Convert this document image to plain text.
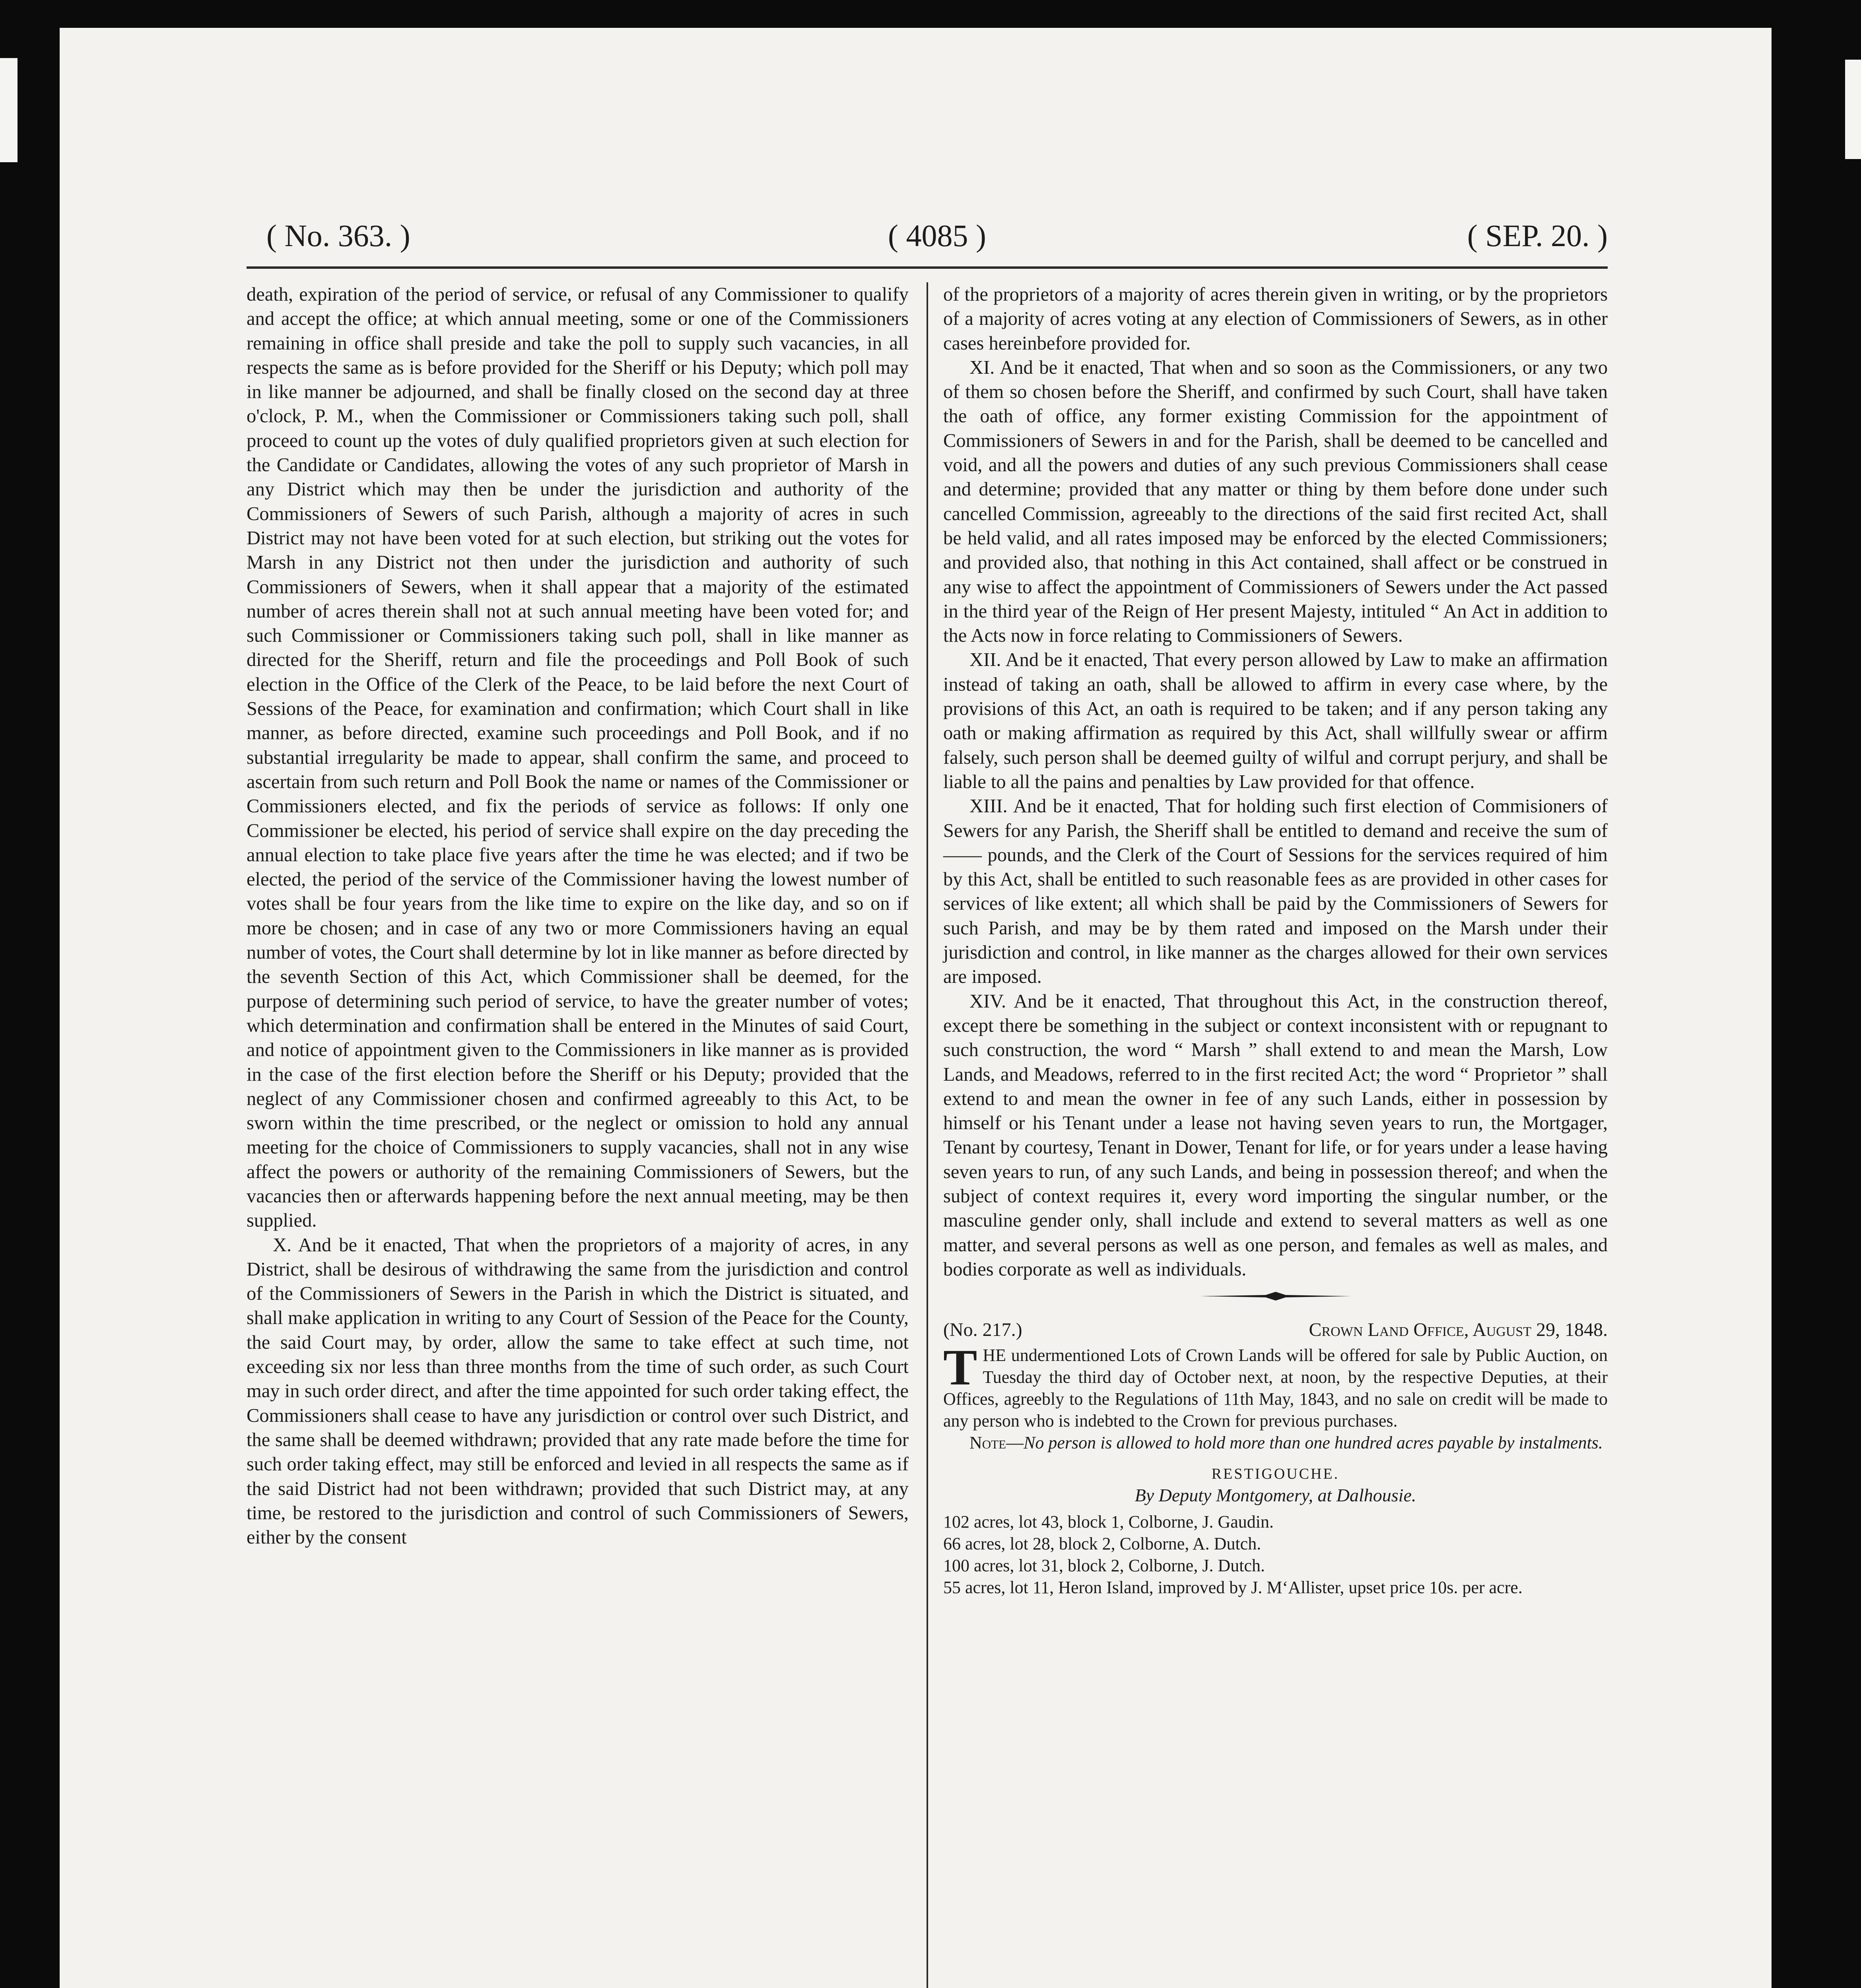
( No. 363. )	( 4085 )	( SEP. 20. )

death, expiration of the period of service, or refusal of any Commissioner to qualify and accept the office; at which annual meeting, some or one of the Commissioners remaining in office shall preside and take the poll to supply such vacancies, in all respects the same as is before provided for the Sheriff or his Deputy; which poll may in like manner be adjourned, and shall be finally closed on the second day at three o'clock, P. M., when the Commissioner or Commissioners taking such poll, shall proceed to count up the votes of duly qualified proprietors given at such election for the Candidate or Candidates, allowing the votes of any such proprietor of Marsh in any District which may then be under the jurisdiction and authority of the Commissioners of Sewers of such Parish, although a majority of acres in such District may not have been voted for at such election, but striking out the votes for Marsh in any District not then under the jurisdiction and authority of such Commissioners of Sewers, when it shall appear that a majority of the estimated number of acres therein shall not at such annual meeting have been voted for; and such Commissioner or Commissioners taking such poll, shall in like manner as directed for the Sheriff, return and file the proceedings and Poll Book of such election in the Office of the Clerk of the Peace, to be laid before the next Court of Sessions of the Peace, for examination and confirmation; which Court shall in like manner, as before directed, examine such proceedings and Poll Book, and if no substantial irregularity be made to appear, shall confirm the same, and proceed to ascertain from such return and Poll Book the name or names of the Commissioner or Commissioners elected, and fix the periods of service as follows: If only one Commissioner be elected, his period of service shall expire on the day preceding the annual election to take place five years after the time he was elected; and if two be elected, the period of the service of the Commissioner having the lowest number of votes shall be four years from the like time to expire on the like day, and so on if more be chosen; and in case of any two or more Commissioners having an equal number of votes, the Court shall determine by lot in like manner as before directed by the seventh Section of this Act, which Commissioner shall be deemed, for the purpose of determining such period of service, to have the greater number of votes; which determination and confirmation shall be entered in the Minutes of said Court, and notice of appointment given to the Commissioners in like manner as is provided in the case of the first election before the Sheriff or his Deputy; provided that the neglect of any Commissioner chosen and confirmed agreeably to this Act, to be sworn within the time prescribed, or the neglect or omission to hold any annual meeting for the choice of Commissioners to supply vacancies, shall not in any wise affect the powers or authority of the remaining Commissioners of Sewers, but the vacancies then or afterwards happening before the next annual meeting, may be then supplied.

X. And be it enacted, That when the proprietors of a majority of acres, in any District, shall be desirous of withdrawing the same from the jurisdiction and control of the Commissioners of Sewers in the Parish in which the District is situated, and shall make application in writing to any Court of Session of the Peace for the County, the said Court may, by order, allow the same to take effect at such time, not exceeding six nor less than three months from the time of such order, as such Court may in such order direct, and after the time appointed for such order taking effect, the Commissioners shall cease to have any jurisdiction or control over such District, and the same shall be deemed withdrawn; provided that any rate made before the time for such order taking effect, may still be enforced and levied in all respects the same as if the said District had not been withdrawn; provided that such District may, at any time, be restored to the jurisdiction and control of such Commissioners of Sewers, either by the consent

of the proprietors of a majority of acres therein given in writing, or by the proprietors of a majority of acres voting at any election of Commissioners of Sewers, as in other cases hereinbefore provided for.

XI. And be it enacted, That when and so soon as the Commissioners, or any two of them so chosen before the Sheriff, and confirmed by such Court, shall have taken the oath of office, any former existing Commission for the appointment of Commissioners of Sewers in and for the Parish, shall be deemed to be cancelled and void, and all the powers and duties of any such previous Commissioners shall cease and determine; provided that any matter or thing by them before done under such cancelled Commission, agreeably to the directions of the said first recited Act, shall be held valid, and all rates imposed may be enforced by the elected Commissioners; and provided also, that nothing in this Act contained, shall affect or be construed in any wise to affect the appointment of Commissioners of Sewers under the Act passed in the third year of the Reign of Her present Majesty, intituled “ An Act in addition to the Acts now in force relating to Commissioners of Sewers.

XII. And be it enacted, That every person allowed by Law to make an affirmation instead of taking an oath, shall be allowed to affirm in every case where, by the provisions of this Act, an oath is required to be taken; and if any person taking any oath or making affirmation as required by this Act, shall willfully swear or affirm falsely, such person shall be deemed guilty of wilful and corrupt perjury, and shall be liable to all the pains and penalties by Law provided for that offence.

XIII. And be it enacted, That for holding such first election of Commisioners of Sewers for any Parish, the Sheriff shall be entitled to demand and receive the sum of —— pounds, and the Clerk of the Court of Sessions for the services required of him by this Act, shall be entitled to such reasonable fees as are provided in other cases for services of like extent; all which shall be paid by the Commissioners of Sewers for such Parish, and may be by them rated and imposed on the Marsh under their jurisdiction and control, in like manner as the charges allowed for their own services are imposed.

XIV. And be it enacted, That throughout this Act, in the construction thereof, except there be something in the subject or context inconsistent with or repugnant to such construction, the word “ Marsh ” shall extend to and mean the Marsh, Low Lands, and Meadows, referred to in the first recited Act; the word “ Proprietor ” shall extend to and mean the owner in fee of any such Lands, either in possession by himself or his Tenant under a lease not having seven years to run, the Mortgager, Tenant by courtesy, Tenant in Dower, Tenant for life, or for years under a lease having seven years to run, of any such Lands, and being in possession thereof; and when the subject of context requires it, every word importing the singular number, or the masculine gender only, shall include and extend to several matters as well as one matter, and several persons as well as one person, and females as well as males, and bodies corporate as well as individuals.

(No. 217.)	Crown Land Office, August 29, 1848.

THE undermentioned Lots of Crown Lands will be offered for sale by Public Auction, on Tuesday the third day of October next, at noon, by the respective Deputies, at their Offices, agreebly to the Regulations of 11th May, 1843, and no sale on credit will be made to any person who is indebted to the Crown for previous purchases.

Note—No person is allowed to hold more than one hundred acres payable by instalments.

RESTIGOUCHE.
By Deputy Montgomery, at Dalhousie.
102 acres, lot 43, block 1, Colborne, J. Gaudin.
66 acres, lot 28, block 2, Colborne, A. Dutch.
100 acres, lot 31, block 2, Colborne, J. Dutch.
55 acres, lot 11, Heron Island, improved by J. M‘Allister, upset price 10s. per acre.
